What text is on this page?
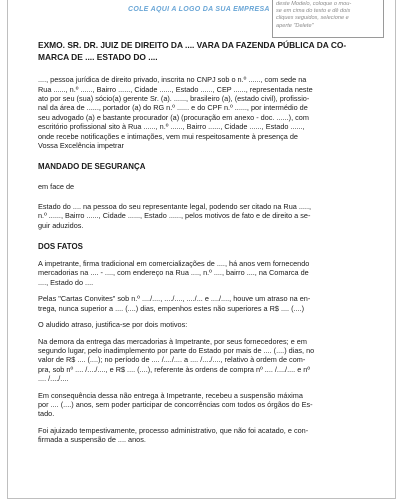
COLE AQUI A LOGO DA SUA EMPRESA
deste Modelo, coloque o mou-
se em cima do texto e dê dois
cliques seguidos, selecione e
aperte "Delete"
EXMO. SR. DR. JUIZ DE DIREITO DA .... VARA DA FAZENDA PÚBLICA DA CO-
MARCA DE .... ESTADO DO ....
...., pessoa jurídica de direito privado, inscrita no CNPJ sob o n.º ......, com sede na
Rua ......, n.º ......, Bairro ......, Cidade ......, Estado ......, CEP ......, representada neste
ato por seu (sua) sócio(a) gerente Sr. (a). ......, brasileiro (a), (estado civil), profissio-
nal da área de ......, portador (a) do RG n.º ...... e do CPF n.º ......, por intermédio de
seu advogado (a) e bastante procurador (a) (procuração em anexo - doc. ......), com
escritório profissional sito à Rua ......, n.º ......, Bairro ......, Cidade ......, Estado ......,
onde recebe notificações e intimações, vem mui respeitosamente à presença de
Vossa Excelência impetrar
MANDADO DE SEGURANÇA
em face de
Estado do .... na pessoa do seu representante legal, podendo ser citado na Rua .....,
n.º ......, Bairro ......, Cidade ......, Estado ......, pelos motivos de fato e de direito a se-
guir aduzidos.
DOS FATOS
A impetrante, firma tradicional em comercializações de ...., há anos vem fornecendo
mercadorias na .... - ...., com endereço na Rua ...., n.º ...., bairro ...., na Comarca de
...., Estado do ....
Pelas "Cartas Convites" sob n.º ..../...., ..../...., ..../... e ..../...., houve um atraso na en-
trega, nunca superior a .... (....) dias, empenhos estes não superiores a R$ .... (....)
O aludido atraso, justifica-se por dois motivos:
Na demora da entrega das mercadorias à Impetrante, por seus fornecedores; e em
segundo lugar, pelo inadimplemento por parte do Estado por mais de .... (....) dias, no
valor de R$ .... (....); no período de .... /..../.... a .... /..../...., relativo à ordem de com-
pra, sob nº .... /..../...., e R$ .... (....), referente às ordens de compra nº .... /..../.... e nº
.... /..../....
Em consequência dessa não entrega à Impetrante, recebeu a suspensão máxima
por .... (....) anos, sem poder participar de concorrências com todos os órgãos do Es-
tado.
Foi ajuizado tempestivamente, processo administrativo, que não foi acatado, e con-
firmada a suspensão de .... anos.
